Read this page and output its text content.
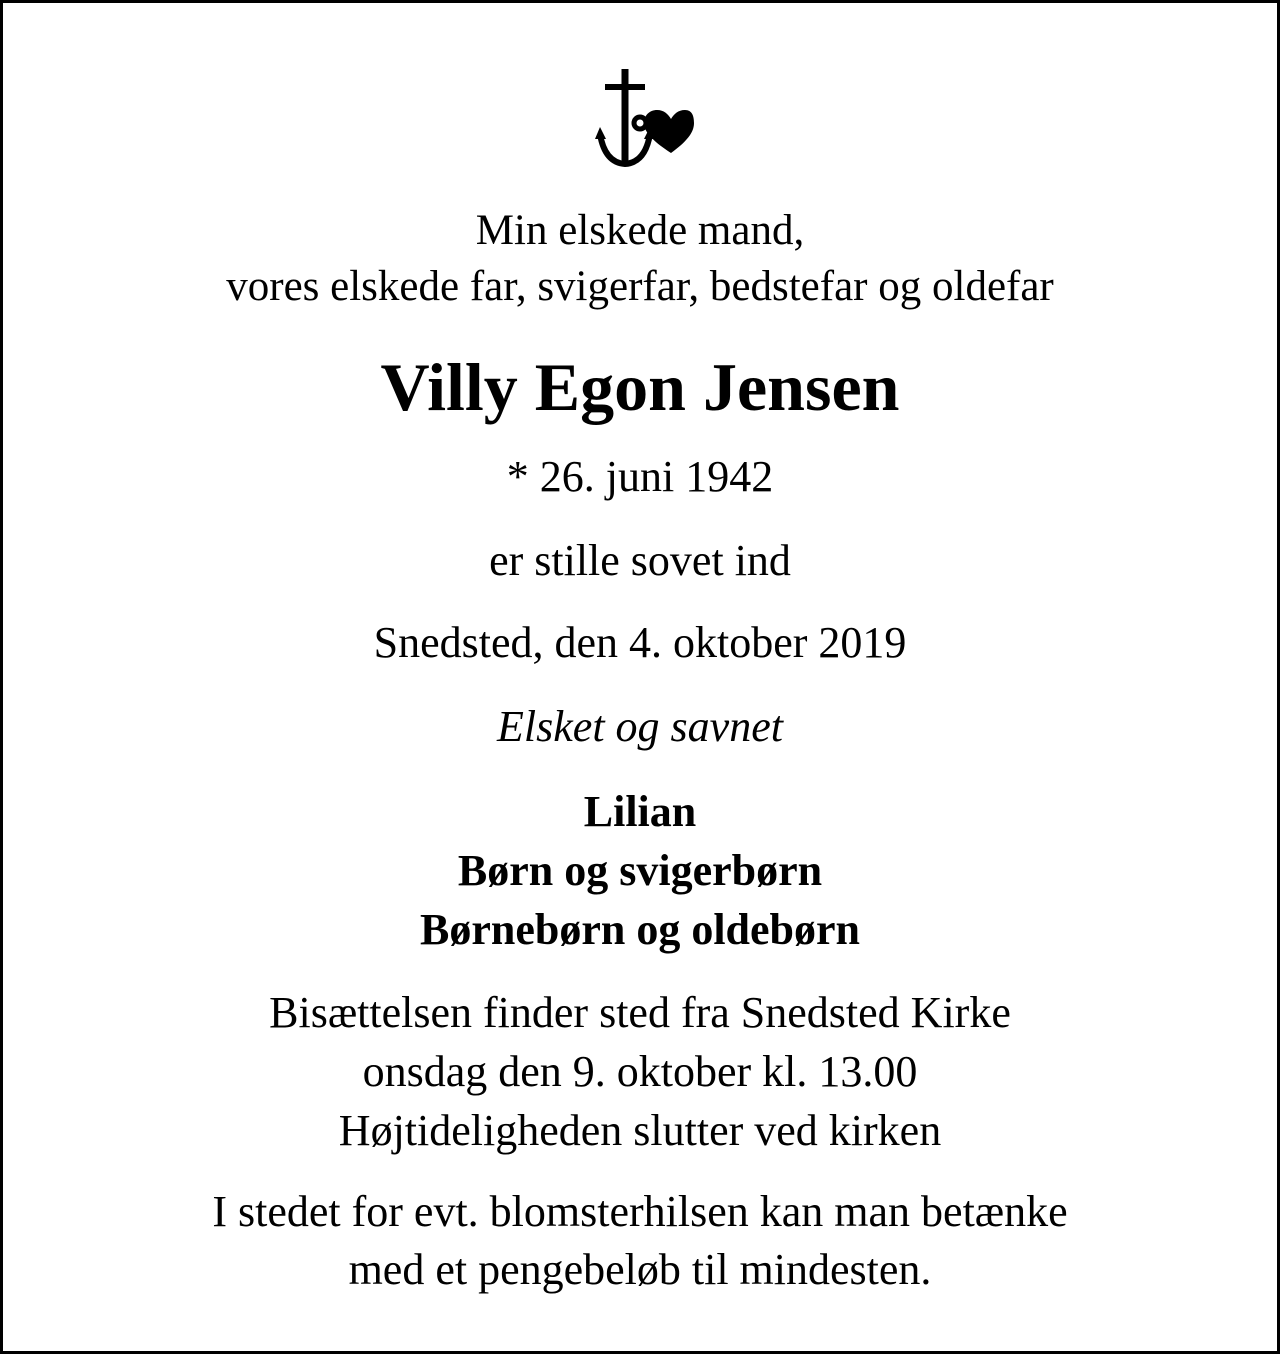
Min elskede mand,
vores elskede far, svigerfar, bedstefar og oldefar
Villy Egon Jensen
* 26. juni 1942
er stille sovet ind
Snedsted, den 4. oktober 2019
Elsket og savnet
Lilian
Børn og svigerbørn
Børnebørn og oldebørn
Bisættelsen finder sted fra Snedsted Kirke
onsdag den 9. oktober kl. 13.00
Højtideligheden slutter ved kirken
I stedet for evt. blomsterhilsen kan man betænke
med et pengebeløb til mindesten.
